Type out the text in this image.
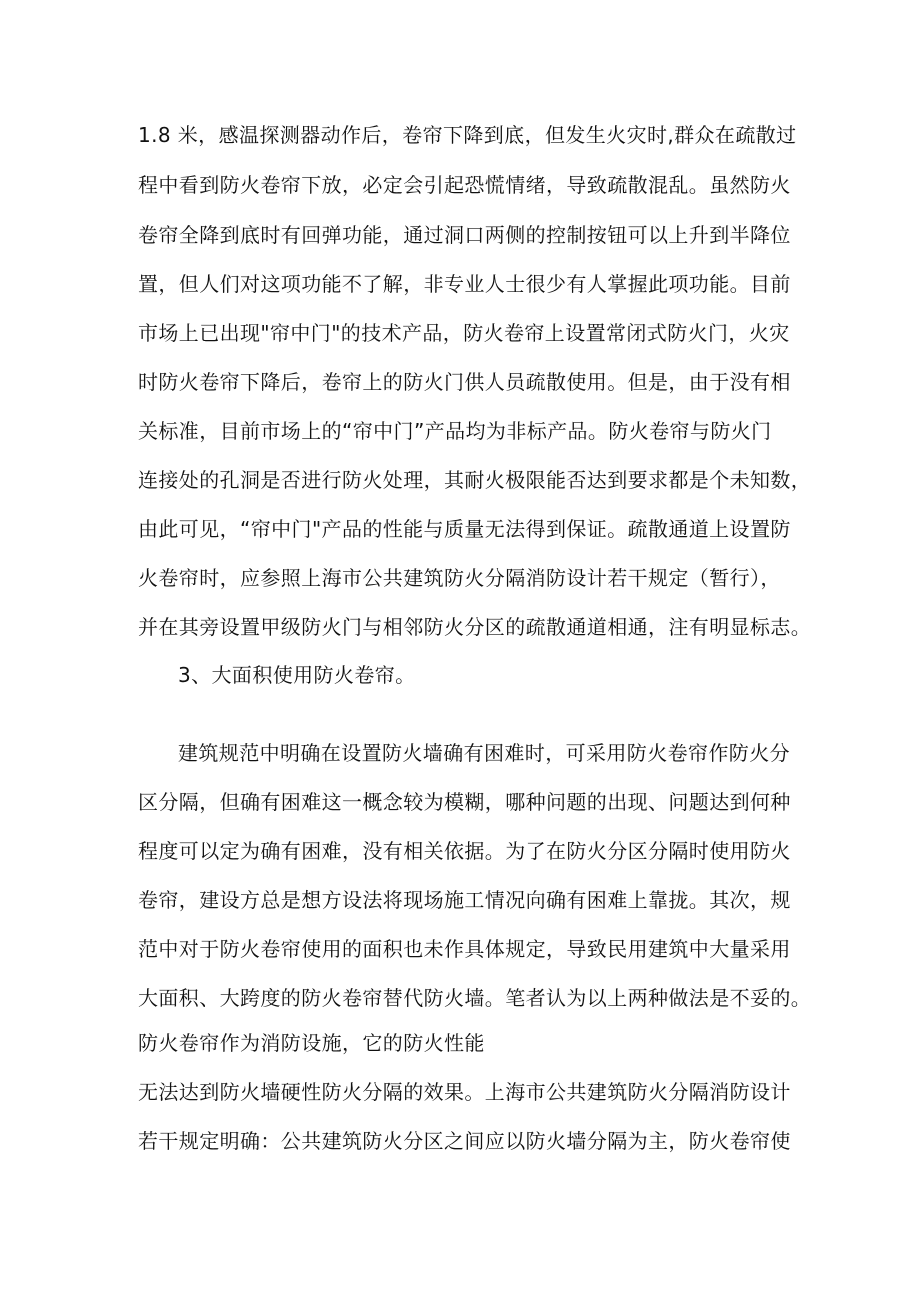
1.8 米，感温探测器动作后，卷帘下降到底，但发生火灾时,群众在疏散过
程中看到防火卷帘下放，必定会引起恐慌情绪，导致疏散混乱。虽然防火
卷帘全降到底时有回弹功能，通过洞口两侧的控制按钮可以上升到半降位
置，但人们对这项功能不了解，非专业人士很少有人掌握此项功能。目前
市场上已出现"帘中门"的技术产品，防火卷帘上设置常闭式防火门，火灾
时防火卷帘下降后，卷帘上的防火门供人员疏散使用。但是，由于没有相
关标准，目前市场上的“帘中门”产品均为非标产品。防火卷帘与防火门
连接处的孔洞是否进行防火处理，其耐火极限能否达到要求都是个未知数，
由此可见，“帘中门"产品的性能与质量无法得到保证。疏散通道上设置防
火卷帘时，应参照上海市公共建筑防火分隔消防设计若干规定（暂行），
并在其旁设置甲级防火门与相邻防火分区的疏散通道相通，注有明显标志。
3、大面积使用防火卷帘。
建筑规范中明确在设置防火墙确有困难时，可采用防火卷帘作防火分
区分隔，但确有困难这一概念较为模糊，哪种问题的出现、问题达到何种
程度可以定为确有困难，没有相关依据。为了在防火分区分隔时使用防火
卷帘，建设方总是想方设法将现场施工情况向确有困难上靠拢。其次，规
范中对于防火卷帘使用的面积也未作具体规定，导致民用建筑中大量采用
大面积、大跨度的防火卷帘替代防火墙。笔者认为以上两种做法是不妥的。
防火卷帘作为消防设施，它的防火性能
无法达到防火墙硬性防火分隔的效果。上海市公共建筑防火分隔消防设计
若干规定明确：公共建筑防火分区之间应以防火墙分隔为主，防火卷帘使
